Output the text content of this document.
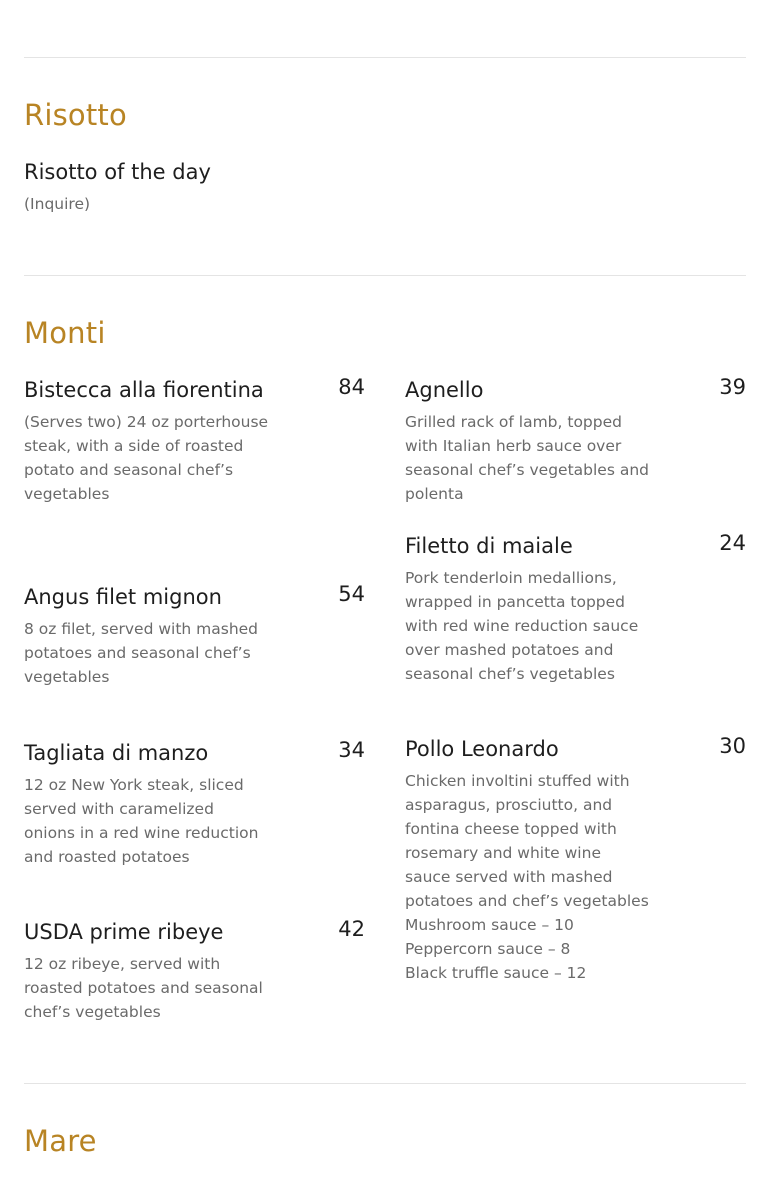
Risotto
Risotto of the day

(Inquire)

Monti
Bistecca alla fiorentina	84

(Serves two) 24 oz porterhouse steak, with a side of roasted potato and seasonal chef’s vegetables

Angus filet mignon	54

8 oz filet, served with mashed potatoes and seasonal chef’s vegetables

Tagliata di manzo	34

12 oz New York steak, sliced served with caramelized onions in a red wine reduction and roasted potatoes

USDA prime ribeye	42

12 oz ribeye, served with roasted potatoes and seasonal chef’s vegetables

Agnello	39

Grilled rack of lamb, topped with Italian herb sauce over seasonal chef’s vegetables and polenta

Filetto di maiale	24

Pork tenderloin medallions, wrapped in pancetta topped with red wine reduction sauce over mashed potatoes and seasonal chef’s vegetables

Pollo Leonardo	30

Chicken involtini stuffed with asparagus, prosciutto, and fontina cheese topped with rosemary and white wine sauce served with mashed potatoes and chef’s vegetables
Mushroom sauce – 10
Peppercorn sauce – 8
Black truffle sauce – 12

Mare
